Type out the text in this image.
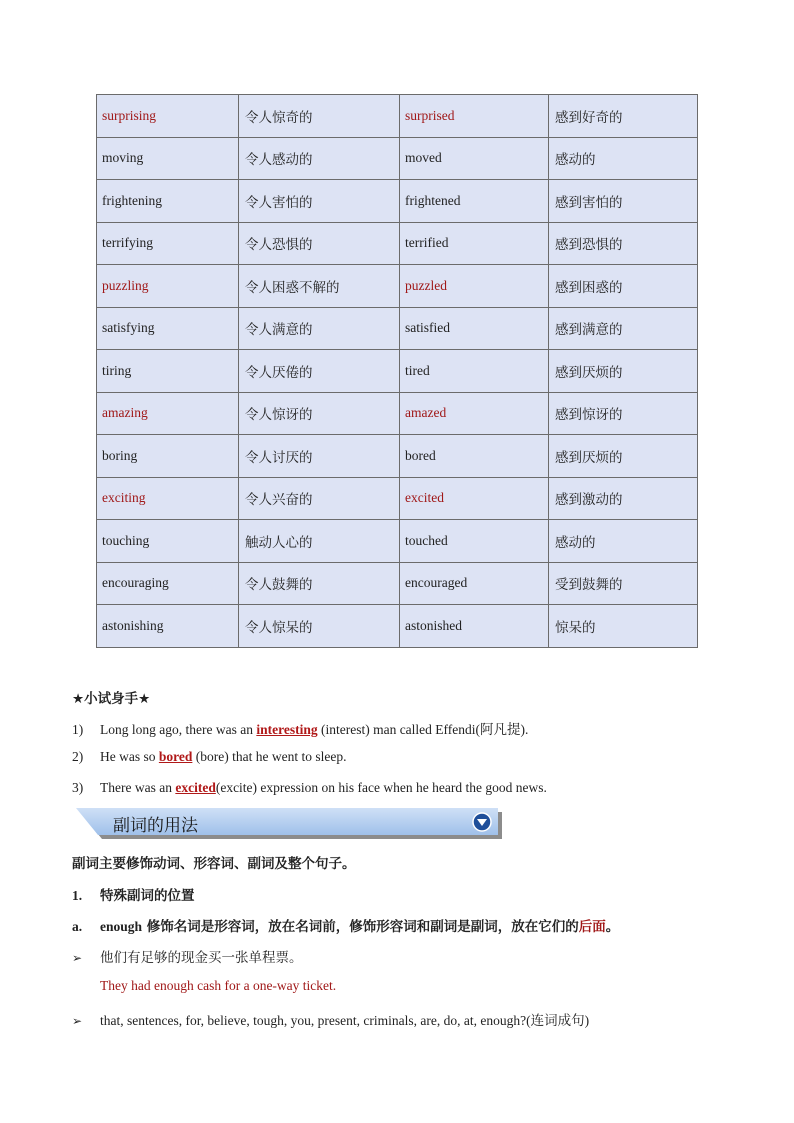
surprising	令人惊奇的	surprised	感到好奇的
moving	令人感动的	moved	感动的
frightening	令人害怕的	frightened	感到害怕的
terrifying	令人恐惧的	terrified	感到恐惧的
puzzling	令人困惑不解的	puzzled	感到困惑的
satisfying	令人满意的	satisfied	感到满意的
tiring	令人厌倦的	tired	感到厌烦的
amazing	令人惊讶的	amazed	感到惊讶的
boring	令人讨厌的	bored	感到厌烦的
exciting	令人兴奋的	excited	感到激动的
touching	触动人心的	touched	感动的
encouraging	令人鼓舞的	encouraged	受到鼓舞的
astonishing	令人惊呆的	astonished	惊呆的
★小试身手★
1) Long long ago, there was an interesting (interest) man called Effendi(阿凡提).
2) He was so bored (bore) that he went to sleep.
3) There was an excited(excite) expression on his face when he heard the good news.
副词的用法
副词主要修饰动词、形容词、副词及整个句子。
1. 特殊副词的位置
a. enough 修饰名词是形容词，放在名词前，修饰形容词和副词是副词，放在它们的后面。
➢ 他们有足够的现金买一张单程票。
They had enough cash for a one-way ticket.
➢ that, sentences, for, believe, tough, you, present, criminals, are, do, at, enough?(连词成句)
